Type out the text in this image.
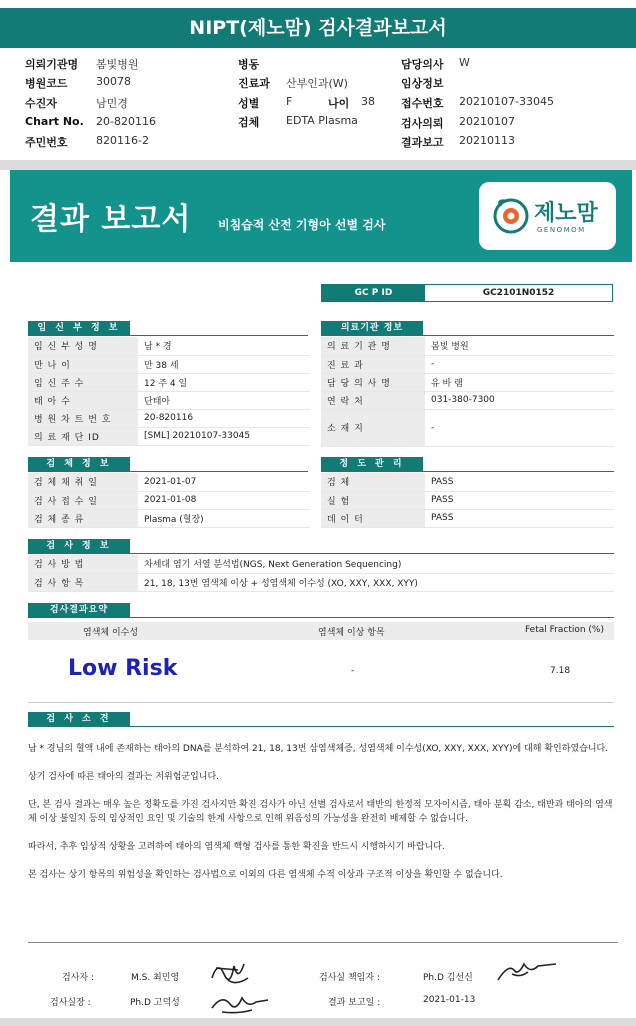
NIPT(제노맘) 검사결과보고서
의뢰기관명 봄빛병원
병원코드	30078
수진자	남민경
Chart No. 20-820116
주민번호	820116-2
병동
진료과 산부인과(W)
성별 F	나이 38
검체 EDTA Plasma
담당의사 W
임상정보
접수번호 20210107-33045
검사의뢰 20210107
결과보고 20210113
결과 보고서 비침습적 산전 기형아 선별 검사	제노맘
GENOMOM
GC P ID	GC2101N0152
임 신 부 정 보
임 신 부 성 명	남 * 경
만 나 이	만 38 세
임 신 주 수	12 주 4 일
태 아 수	단태아
병 원 차 트 번 호	20-820116
의 료 재 단 ID	[SML] 20210107-33045
의료기관 정보
의 료 기 관 명	봄빛 병원
진 료 과	-
담 당 의 사 명	유 바 램
연 락 처	031-380-7300
소 재 지	-
검 체 정 보
검 체 채 취 일	2021-01-07
검 사 접 수 일	2021-01-08
검 체 종 류	Plasma (혈장)
정 도 관 리
검 체	PASS
실 험	PASS
데 이 터	PASS
검 사 정 보
검 사 방 법	차세대 염기 서열 분석법(NGS, Next Generation Sequencing)
검 사 항 목	21, 18, 13번 염색체 이상 + 성염색체 이수성 (XO, XXY, XXX, XYY)
검사결과요약
염색체 이수성	염색체 이상 항목	Fetal Fraction (%)
Low Risk	-	7.18
검 사 소 견

남 * 경님의 혈액 내에 존재하는 태아의 DNA를 분석하여 21, 18, 13번 삼염색체증, 성염색체 이수성(XO, XXY, XXX, XYY)에 대해 확인하였습니다.

상기 검사에 따른 태아의 결과는 저위험군입니다.

단, 본 검사 결과는 매우 높은 정확도를 가진 검사지만 확진 검사가 아닌 선별 검사로서 태반의 한정적 모자이시즘, 태아 분획 감소, 태반과 태아의 염색체 이상 불일치 등의 임상적인 요인 및 기술의 한계 사항으로 인해 위음성의 가능성을 완전히 배제할 수 없습니다.

따라서, 추후 임상적 상황을 고려하여 태아의 염색체 핵형 검사를 통한 확진을 반드시 시행하시기 바랍니다.

본 검사는 상기 항목의 위험성을 확인하는 검사법으로 이외의 다른 염색체 수적 이상과 구조적 이상을 확인할 수 없습니다.

검사자 :	M.S. 최민영
검사실장 :	Ph.D 고덕성
검사실 책임자 :	Ph.D 김선신
결과 보고일 :	2021-01-13
